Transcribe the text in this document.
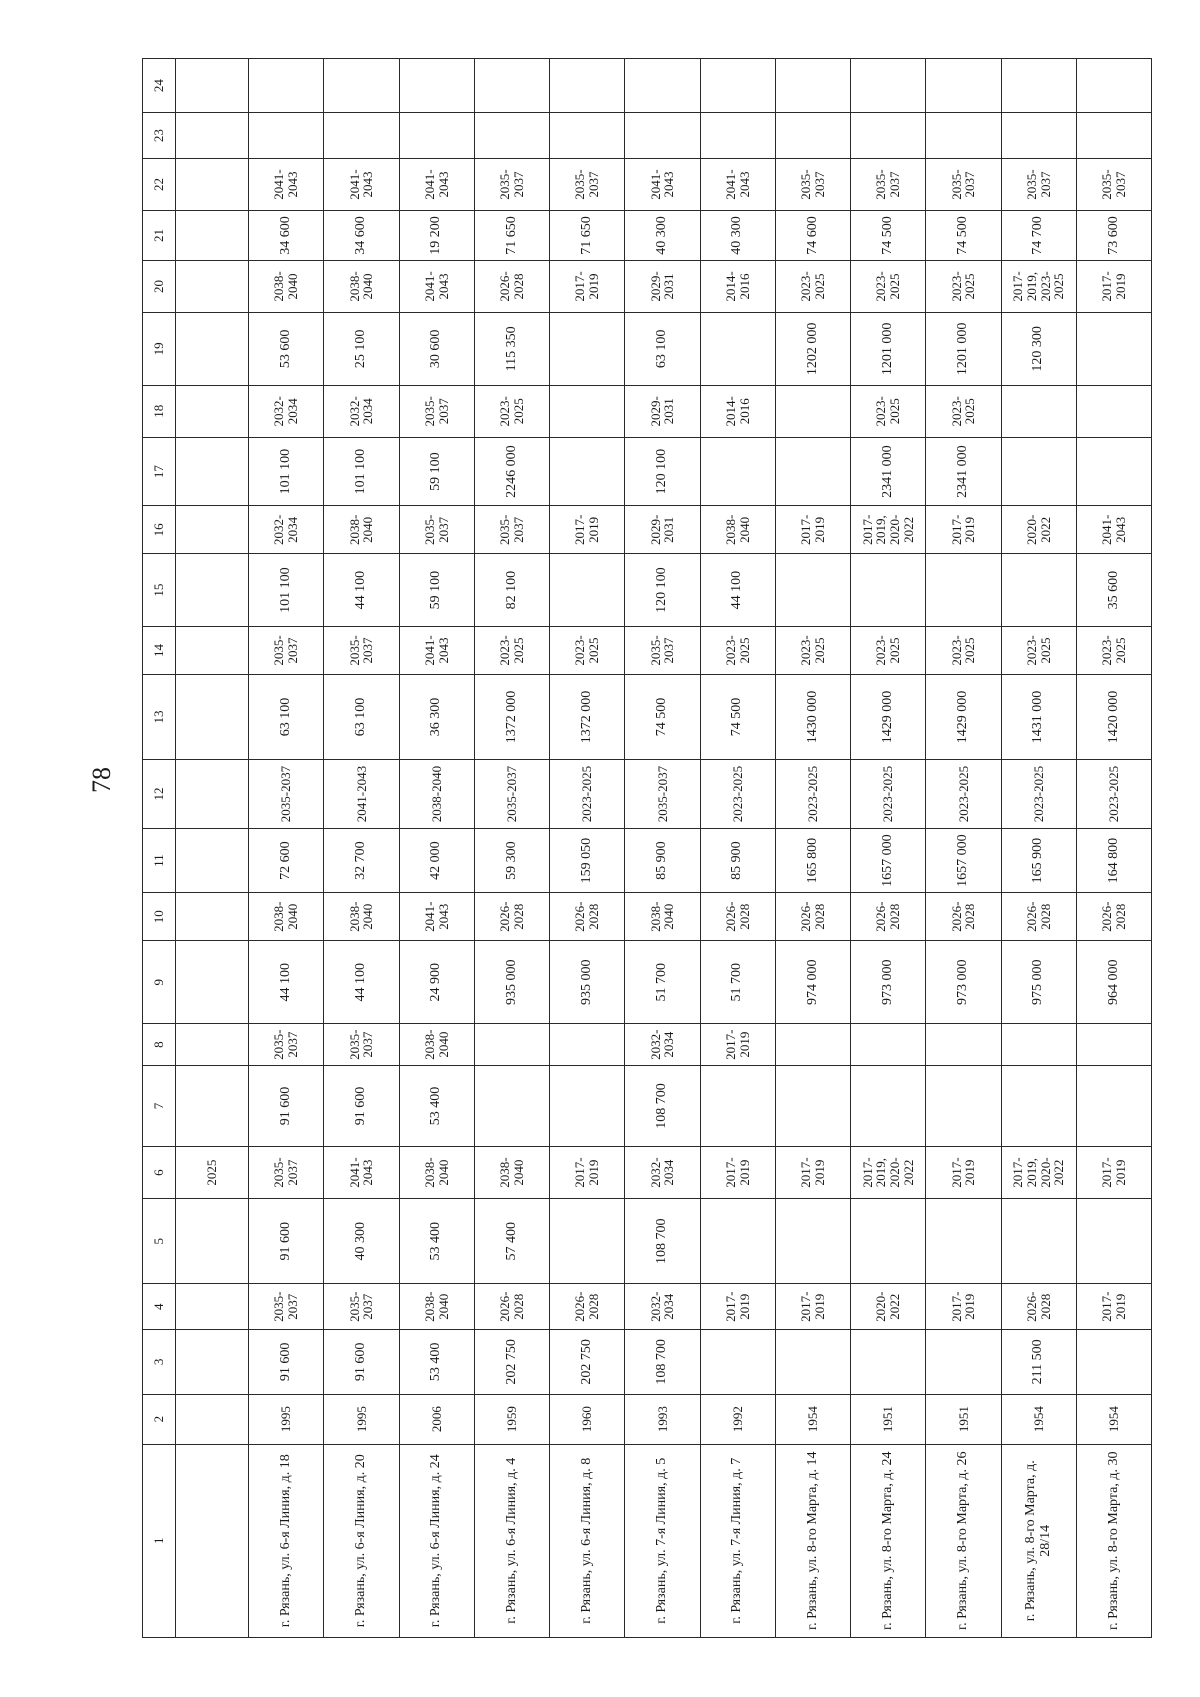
78
1	2	3	4	5	6	7	8	9	10	11	12	13	14	15	16	17	18	19	20	21	22	23	24
					2025																		
г. Рязань, ул. 6-я Линия, д. 18	1995	91 600	2035-2037	91 600	2035-2037	91 600	2035-2037	44 100	2038-2040	72 600	2035-2037	63 100	2035-2037	101 100	2032-2034	101 100	2032-2034	53 600	2038-2040	34 600	2041-2043		
г. Рязань, ул. 6-я Линия, д. 20	1995	91 600	2035-2037	40 300	2041-2043	91 600	2035-2037	44 100	2038-2040	32 700	2041-2043	63 100	2035-2037	44 100	2038-2040	101 100	2032-2034	25 100	2038-2040	34 600	2041-2043		
г. Рязань, ул. 6-я Линия, д. 24	2006	53 400	2038-2040	53 400	2038-2040	53 400	2038-2040	24 900	2041-2043	42 000	2038-2040	36 300	2041-2043	59 100	2035-2037	59 100	2035-2037	30 600	2041-2043	19 200	2041-2043		
г. Рязань, ул. 6-я Линия, д. 4	1959	202 750	2026-2028	57 400	2038-2040			935 000	2026-2028	59 300	2035-2037	1372 000	2023-2025	82 100	2035-2037	2246 000	2023-2025	115 350	2026-2028	71 650	2035-2037		
г. Рязань, ул. 6-я Линия, д. 8	1960	202 750	2026-2028		2017-2019			935 000	2026-2028	159 050	2023-2025	1372 000	2023-2025		2017-2019				2017-2019	71 650	2035-2037		
г. Рязань, ул. 7-я Линия, д. 5	1993	108 700	2032-2034	108 700	2032-2034	108 700	2032-2034	51 700	2038-2040	85 900	2035-2037	74 500	2035-2037	120 100	2029-2031	120 100	2029-2031	63 100	2029-2031	40 300	2041-2043		
г. Рязань, ул. 7-я Линия, д. 7	1992		2017-2019		2017-2019		2017-2019	51 700	2026-2028	85 900	2023-2025	74 500	2023-2025	44 100	2038-2040		2014-2016		2014-2016	40 300	2041-2043		
г. Рязань, ул. 8-го Марта, д. 14	1954		2017-2019		2017-2019			974 000	2026-2028	165 800	2023-2025	1430 000	2023-2025		2017-2019			1202 000	2023-2025	74 600	2035-2037		
г. Рязань, ул. 8-го Марта, д. 24	1951		2020-2022		2017-2019, 2020-2022			973 000	2026-2028	1657 000	2023-2025	1429 000	2023-2025		2017-2019, 2020-2022	2341 000	2023-2025	1201 000	2023-2025	74 500	2035-2037		
г. Рязань, ул. 8-го Марта, д. 26	1951		2017-2019		2017-2019			973 000	2026-2028	1657 000	2023-2025	1429 000	2023-2025		2017-2019	2341 000	2023-2025	1201 000	2023-2025	74 500	2035-2037		
г. Рязань, ул. 8-го Марта, д. 28/14	1954	211 500	2026-2028		2017-2019, 2020-2022			975 000	2026-2028	165 900	2023-2025	1431 000	2023-2025		2020-2022			120 300	2017-2019, 2023-2025	74 700	2035-2037		
г. Рязань, ул. 8-го Марта, д. 30	1954		2017-2019		2017-2019			964 000	2026-2028	164 800	2023-2025	1420 000	2023-2025	35 600	2041-2043				2017-2019	73 600	2035-2037		
